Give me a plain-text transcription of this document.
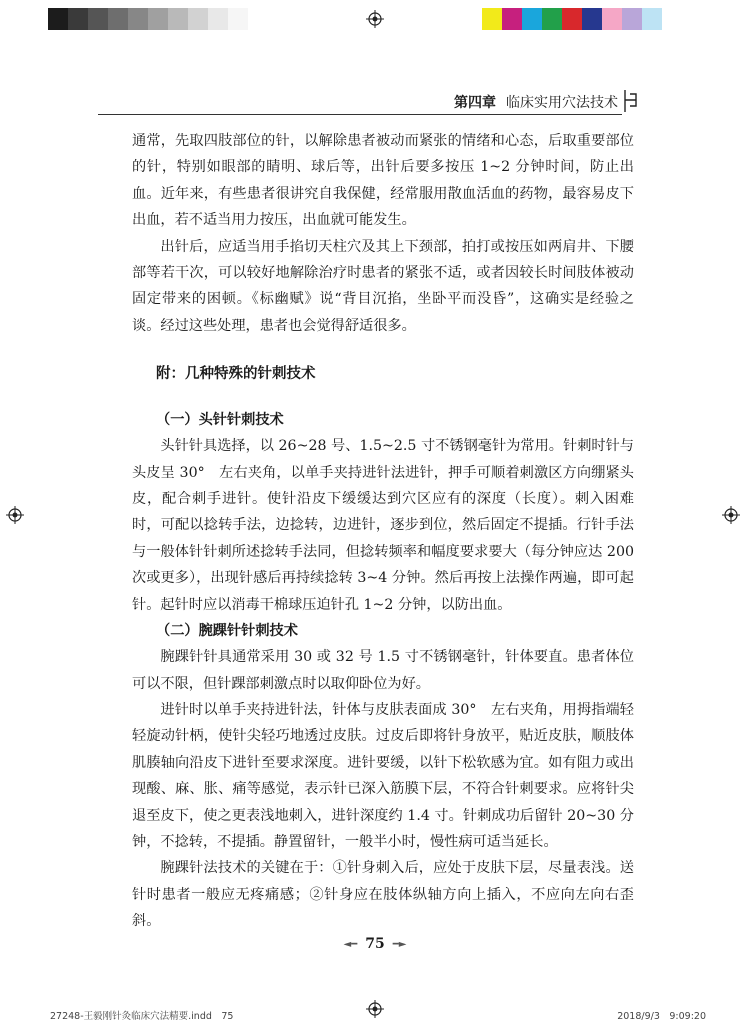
第四章 临床实用穴法技术

通常，先取四肢部位的针，以解除患者被动而紧张的情绪和心态，后取重要部位的针，特别如眼部的睛明、球后等，出针后要多按压 1~2 分钟时间，防止出血。近年来，有些患者很讲究自我保健，经常服用散血活血的药物，最容易皮下出血，若不适当用力按压，出血就可能发生。

出针后，应适当用手掐切天柱穴及其上下颈部，拍打或按压如两肩井、下腰部等若干次，可以较好地解除治疗时患者的紧张不适，或者因较长时间肢体被动固定带来的困顿。《标幽赋》说“背目沉掐，坐卧平而没昏”，这确实是经验之谈。经过这些处理，患者也会觉得舒适很多。

附：几种特殊的针刺技术

（一）头针针刺技术

头针针具选择，以 26~28 号、1.5~2.5 寸不锈钢毫针为常用。针刺时针与头皮呈 30°　左右夹角，以单手夹持进针法进针，押手可顺着刺激区方向绷紧头皮，配合刺手进针。使针沿皮下缓缓达到穴区应有的深度（长度）。刺入困难时，可配以捻转手法，边捻转，边进针，逐步到位，然后固定不提插。行针手法与一般体针针刺所述捻转手法同，但捻转频率和幅度要求要大（每分钟应达 200 次或更多），出现针感后再持续捻转 3~4 分钟。然后再按上法操作两遍，即可起针。起针时应以消毒干棉球压迫针孔 1~2 分钟，以防出血。

（二）腕踝针针刺技术

腕踝针针具通常采用 30 或 32 号 1.5 寸不锈钢毫针，针体要直。患者体位可以不限，但针踝部刺激点时以取仰卧位为好。

进针时以单手夹持进针法，针体与皮肤表面成 30°　左右夹角，用拇指端轻轻旋动针柄，使针尖轻巧地透过皮肤。过皮后即将针身放平，贴近皮肤，顺肢体肌腠轴向沿皮下进针至要求深度。进针要缓，以针下松软感为宜。如有阻力或出现酸、麻、胀、痛等感觉，表示针已深入筋膜下层，不符合针刺要求。应将针尖退至皮下，使之更表浅地刺入，进针深度约 1.4 寸。针刺成功后留针 20~30 分钟，不捻转，不提插。静置留针，一般半小时，慢性病可适当延长。

腕踝针法技术的关键在于：①针身刺入后，应处于皮肤下层，尽量表浅。送针时患者一般应无疼痛感；②针身应在肢体纵轴方向上插入，不应向左向右歪斜。

◄━ 75 ━►
27248-王毅刚针灸临床穴法精要.indd　75	2018/9/3　9:09:20
